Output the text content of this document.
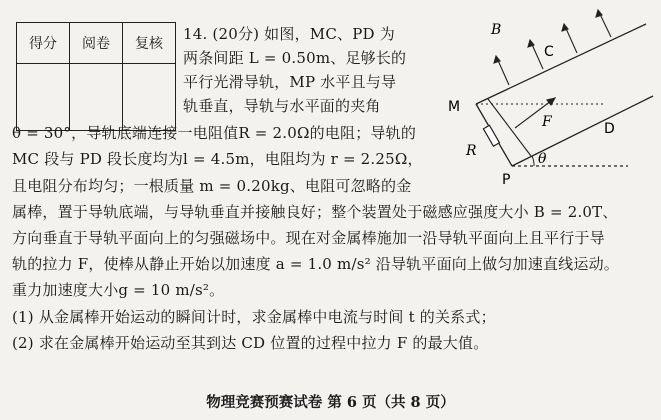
得分	阅卷	复核

14. (20分) 如图，MC、PD 为
两条间距 L = 0.50m、足够长的
平行光滑导轨，MP 水平且与导
轨垂直，导轨与水平面的夹角
θ = 30°，导轨底端连接一电阻值R = 2.0Ω的电阻；导轨的
MC 段与 PD 段长度均为l = 4.5m，电阻均为 r = 2.25Ω，
且电阻分布均匀；一根质量 m = 0.20kg、电阻可忽略的金
属棒，置于导轨底端，与导轨垂直并接触良好；整个装置处于磁感应强度大小 B = 2.0T、
方向垂直于导轨平面向上的匀强磁场中。现在对金属棒施加一沿导轨平面向上且平行于导
轨的拉力 F，使棒从静止开始以加速度 a = 1.0 m/s² 沿导轨平面向上做匀加速直线运动。
重力加速度大小g = 10 m/s²。
(1) 从金属棒开始运动的瞬间计时，求金属棒中电流与时间 t 的关系式；
(2) 求在金属棒开始运动至其到达 CD 位置的过程中拉力 F 的最大值。
B
C
M
F	D
R
P
θ
物理竞赛预赛试卷 第 6 页（共 8 页）
